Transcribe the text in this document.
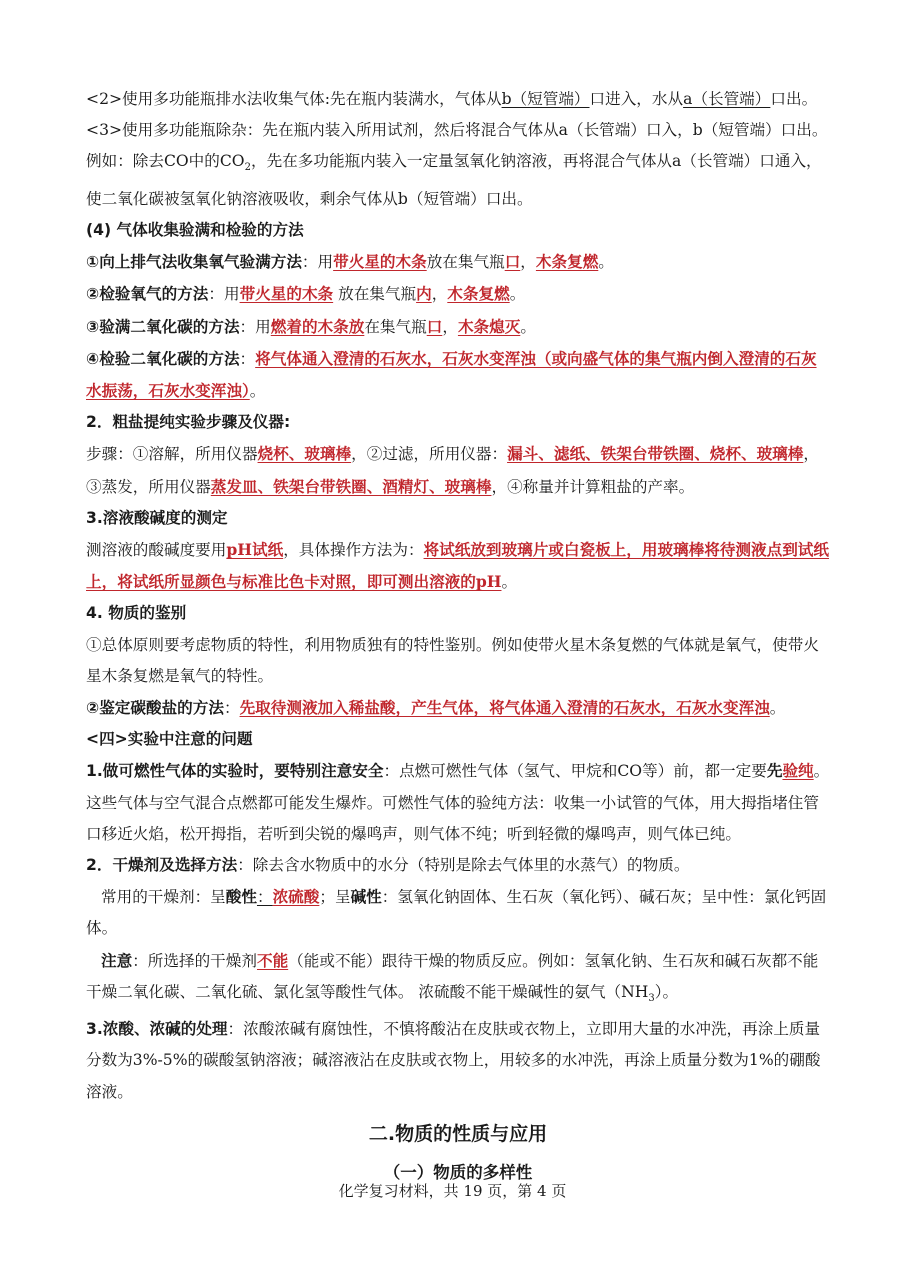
<2>使用多功能瓶排水法收集气体:先在瓶内装满水，气体从b（短管端）口进入，水从a（长管端）口出。

<3>使用多功能瓶除杂：先在瓶内装入所用试剂，然后将混合气体从a（长管端）口入，b（短管端）口出。

例如：除去CO中的$CO_2$，先在多功能瓶内装入一定量氢氧化钠溶液，再将混合气体从a（长管端）口通入，使二氧化碳被氢氧化钠溶液吸收，剩余气体从b（短管端）口出。

(4) 气体收集验满和检验的方法

①向上排气法收集氧气验满方法：用带火星的木条放在集气瓶口，木条复燃。

②检验氧气的方法：用带火星的木条 放在集气瓶内，木条复燃。

③验满二氧化碳的方法：用燃着的木条放在集气瓶口，木条熄灭。

④检验二氧化碳的方法：将气体通入澄清的石灰水，石灰水变浑浊（或向盛气体的集气瓶内倒入澄清的石灰水振荡，石灰水变浑浊）。

2．粗盐提纯实验步骤及仪器:

步骤：①溶解，所用仪器烧杯、玻璃棒，②过滤，所用仪器：漏斗、滤纸、铁架台带铁圈、烧杯、玻璃棒，③蒸发，所用仪器蒸发皿、铁架台带铁圈、酒精灯、玻璃棒，④称量并计算粗盐的产率。

3.溶液酸碱度的测定

测溶液的酸碱度要用pH试纸，具体操作方法为：将试纸放到玻璃片或白瓷板上，用玻璃棒将待测液点到试纸上，将试纸所显颜色与标准比色卡对照，即可测出溶液的pH。

4. 物质的鉴别

①总体原则要考虑物质的特性，利用物质独有的特性鉴别。例如使带火星木条复燃的气体就是氧气，使带火星木条复燃是氧气的特性。

②鉴定碳酸盐的方法：先取待测液加入稀盐酸，产生气体，将气体通入澄清的石灰水，石灰水变浑浊。

<四>实验中注意的问题

1.做可燃性气体的实验时，要特别注意安全：点燃可燃性气体（氢气、甲烷和CO等）前，都一定要先验纯。这些气体与空气混合点燃都可能发生爆炸。可燃性气体的验纯方法：收集一小试管的气体，用大拇指堵住管口移近火焰，松开拇指，若听到尖锐的爆鸣声，则气体不纯；听到轻微的爆鸣声，则气体已纯。

2．干燥剂及选择方法：除去含水物质中的水分（特别是除去气体里的水蒸气）的物质。

常用的干燥剂：呈酸性：浓硫酸；呈碱性：氢氧化钠固体、生石灰（氧化钙）、碱石灰；呈中性：氯化钙固体。

注意：所选择的干燥剂不能（能或不能）跟待干燥的物质反应。例如：氢氧化钠、生石灰和碱石灰都不能干燥二氧化碳、二氧化硫、氯化氢等酸性气体。 浓硫酸不能干燥碱性的氨气$(NH_3)$。

3.浓酸、浓碱的处理：浓酸浓碱有腐蚀性，不慎将酸沾在皮肤或衣物上，立即用大量的水冲洗，再涂上质量分数为3%-5%的碳酸氢钠溶液；碱溶液沾在皮肤或衣物上，用较多的水冲洗，再涂上质量分数为1%的硼酸溶液。

二.物质的性质与应用
（一）物质的多样性
化学复习材料，共 19 页，第 4 页
